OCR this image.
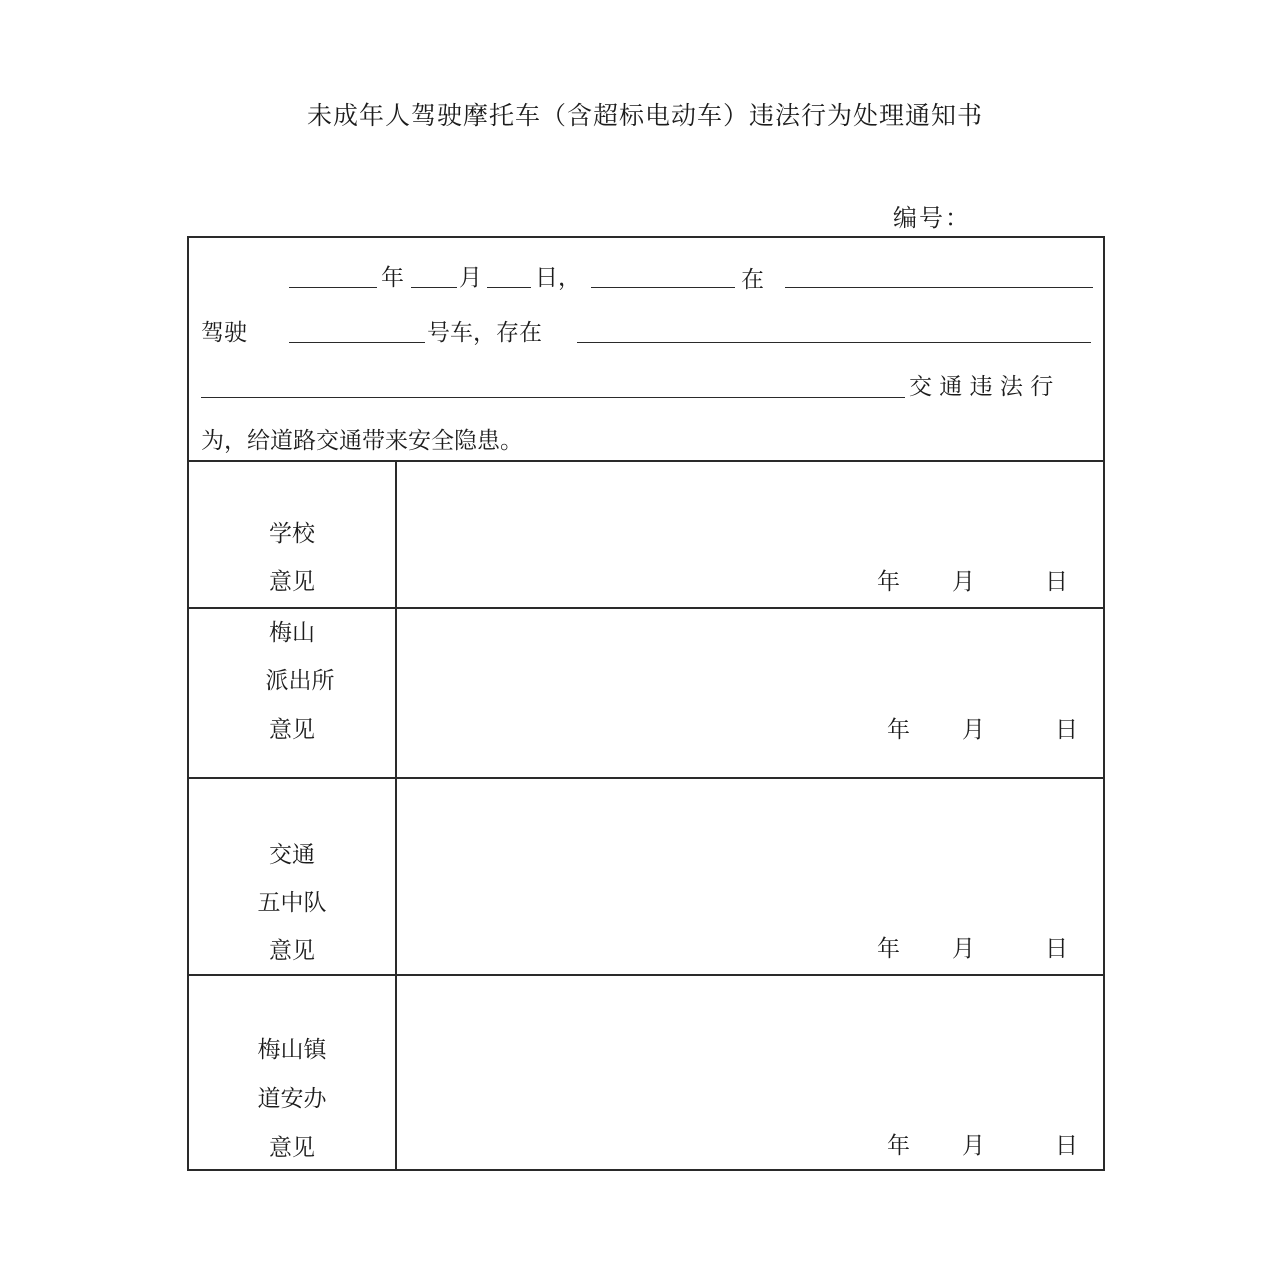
未成年人驾驶摩托车（含超标电动车）违法行为处理通知书
编号：
年 月 日，	在
驾驶	号车，存在
交 通 违 法 行
为，给道路交通带来安全隐患。
学校
意见	年 月	日
梅山
派出所
意见	年 月	日
交通
五中队
意见	年 月	日
梅山镇
道安办
意见	年 月	日
